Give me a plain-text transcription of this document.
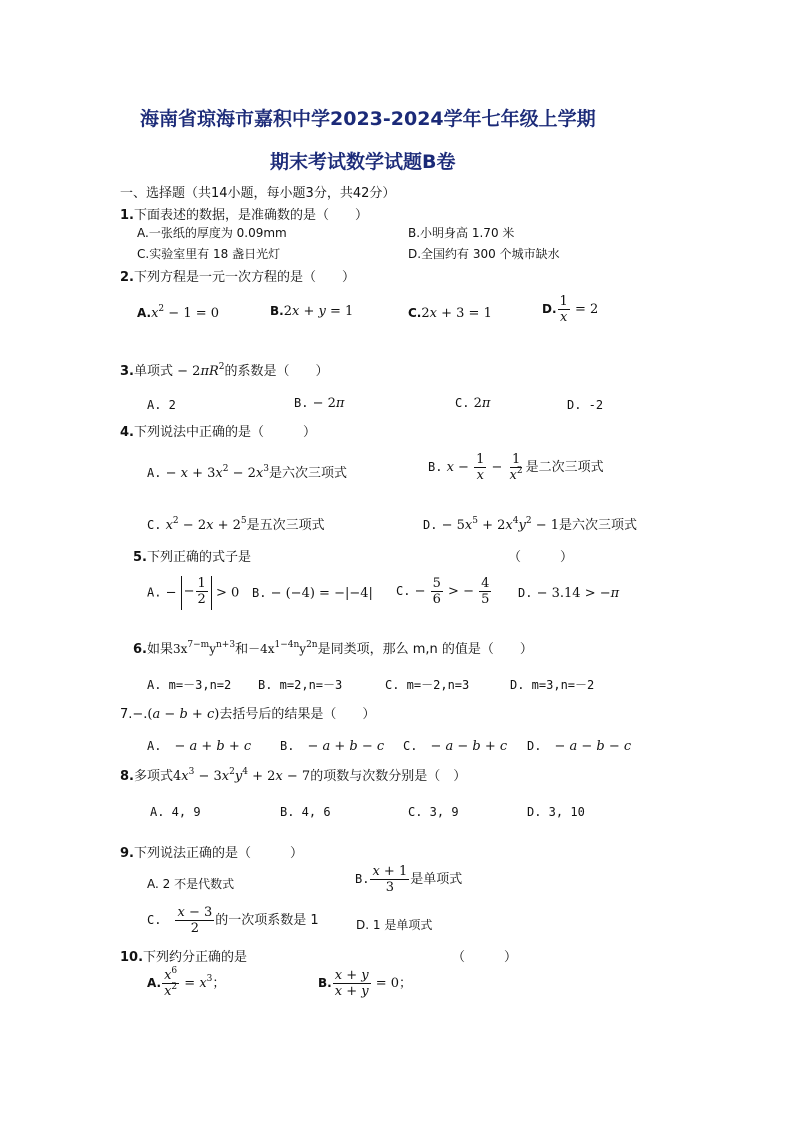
海南省琼海市嘉积中学2023-2024学年七年级上学期
期末考试数学试题B卷
一、选择题（共14小题，每小题3分，共42分）
1.下面表述的数据，是准确数的是（　　）
A.一张纸的厚度为 0.09mm	B.小明身高 1.70 米
C.实验室里有 18 盏日光灯	D.全国约有 300 个城市缺水
2.下列方程是一元一次方程的是（　　）
$A.x^2 - 1 = 0$	B.2x + y = 1	C.2x + 3 = 1	D. $\frac{1}{x} = 2$
3.单项式 − $2\pi R^2$的系数是（　　）
A. 2	B. − 2π	C. 2π	D. -2
4.下列说法中正确的是（　　　）
A. − $x + 3x^2 - 2x^3$是六次三项式	B. $x - \frac{1}{x} - \frac{1}{x^2}$ 是二次三项式
C. $x^2 - 2x + 2^5$是五次三项式	D. − $5x^5 + 2x^4y^2 - 1$是六次三项式
5.下列正确的式子是	（　　　）
A. − − $\frac{1}{2} > 0$ B. − (−4) = −|−4| C. − $\frac{5}{6}$ > − $\frac{4}{5} D$. − 3.14 > −π
6.如果$3x^{7-m}y^{n+3}$和$-4x^{1-4n}y^{2n}$是同类项，那么 m,n 的值是（　　）
A. m=－3,n=2 B. m=2,n=－3	C. m=－2,n=3	D. m=3,n=－2
7.−.(a − b + c)去括号后的结果是（　　）
A.　− a + b + c B.　− a + b − c C.　− a − b + c D.　− a − b − c
8.多项式$4x^3 - 3x^2y^4 + 2x - 7$的项数与次数分别是（　）
A. 4, 9	B. 4, 6	C. 3, 9	D. 3, 10
9.下列说法正确的是（　　　）
A. 2 不是代数式	B. $\frac{x + 1}{3}$ 是单项式
C.　 $\frac{x - 3}{2}$ 的一次项系数是 1	D. 1 是单项式
10.下列约分正确的是	（　　　）
A. $\frac{x^6}{x^2} = x^3$；	B. $\frac{x + y}{x + y} = 0$；
